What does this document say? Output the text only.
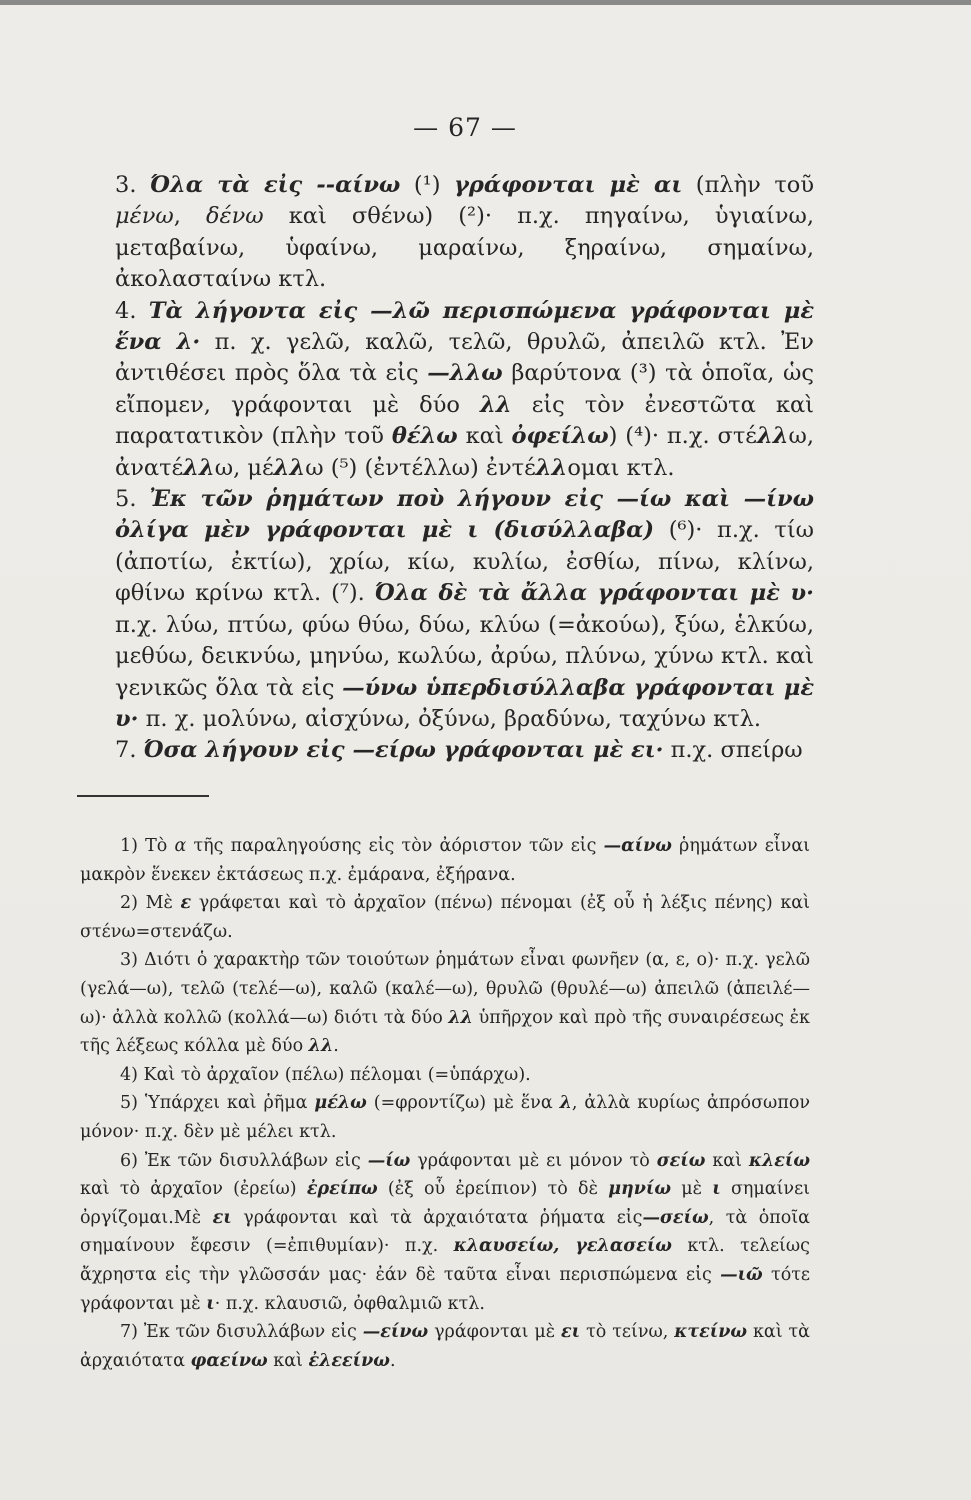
— 67 —

3. Όλα τὰ εἰς --αίνω (¹) γράφονται μὲ αι (πλὴν τοῦ μένω, δένω καὶ σθένω) (²)· π.χ. πηγαίνω, ὑγιαίνω, μεταβαίνω, ὑφαίνω, μαραίνω, ξηραίνω, σημαίνω, ἀκολασταίνω κτλ.

4. Τὰ λήγοντα εἰς —λῶ περισπώμενα γράφονται μὲ ἕνα λ· π. χ. γελῶ, καλῶ, τελῶ, θρυλῶ, ἀπειλῶ κτλ. Ἐν ἀντιθέσει πρὸς ὅλα τὰ εἰς —λλω βαρύτονα (³) τὰ ὁποῖα, ὡς εἴπομεν, γράφονται μὲ δύο λλ εἰς τὸν ἐνεστῶτα καὶ παρατατικὸν (πλὴν τοῦ θέλω καὶ ὀφείλω) (⁴)· π.χ. στέλλω, ἀνατέλλω, μέλλω (⁵) (ἐντέλλω) ἐντέλλομαι κτλ.

5. Ἐκ τῶν ῥημάτων ποὺ λήγουν εἰς —ίω καὶ —ίνω ὀλίγα μὲν γράφονται μὲ ι (δισύλλαβα) (⁶)· π.χ. τίω (ἀποτίω, ἐκτίω), χρίω, κίω, κυλίω, ἐσθίω, πίνω, κλίνω, φθίνω κρίνω κτλ. (⁷). Όλα δὲ τὰ ἄλλα γράφονται μὲ υ· π.χ. λύω, πτύω, φύω θύω, δύω, κλύω (=ἀκούω), ξύω, ἑλκύω, μεθύω, δεικνύω, μηνύω, κωλύω, ἀρύω, πλύνω, χύνω κτλ. καὶ γενικῶς ὅλα τὰ εἰς —ύνω ὑπερδισύλλαβα γράφονται μὲ υ· π. χ. μολύνω, αἰσχύνω, ὀξύνω, βραδύνω, ταχύνω κτλ.

7. Όσα λήγουν εἰς —είρω γράφονται μὲ ει· π.χ. σπείρω

1) Τὸ α τῆς παραληγούσης εἰς τὸν ἀόριστον τῶν εἰς —αίνω ῥημάτων εἶναι μακρὸν ἕνεκεν ἐκτάσεως π.χ. ἐμάρανα, ἐξήρανα.

2) Μὲ ε γράφεται καὶ τὸ ἀρχαῖον (πένω) πένομαι (ἐξ οὗ ἡ λέξις πένης) καὶ στένω=στενάζω.

3) Διότι ὁ χαρακτὴρ τῶν τοιούτων ῥημάτων εἶναι φωνῆεν (α, ε, ο)· π.χ. γελῶ (γελά—ω), τελῶ (τελέ—ω), καλῶ (καλέ—ω), θρυλῶ (θρυλέ—ω) ἀπειλῶ (ἀπειλέ—ω)· ἀλλὰ κολλῶ (κολλά—ω) διότι τὰ δύο λλ ὑπῆρχον καὶ πρὸ τῆς συναιρέσεως ἐκ τῆς λέξεως κόλλα μὲ δύο λλ.

4) Καὶ τὸ ἀρχαῖον (πέλω) πέλομαι (=ὑπάρχω).

5) Ὑπάρχει καὶ ῥῆμα μέλω (=φροντίζω) μὲ ἕνα λ, ἀλλὰ κυρίως ἀπρόσωπον μόνον· π.χ. δὲν μὲ μέλει κτλ.

6) Ἐκ τῶν δισυλλάβων εἰς —ίω γράφονται μὲ ει μόνον τὸ σείω καὶ κλείω καὶ τὸ ἀρχαῖον (ἐρείω) ἐρείπω (ἐξ οὗ ἐρείπιον) τὸ δὲ μηνίω μὲ ι σημαίνει ὀργίζομαι.Μὲ ει γράφονται καὶ τὰ ἀρχαιότατα ῥήματα εἰς—σείω, τὰ ὁποῖα σημαίνουν ἔφεσιν (=ἐπιθυμίαν)· π.χ. κλαυσείω, γελασείω κτλ. τελείως ἄχρηστα εἰς τὴν γλῶσσάν μας· ἐάν δὲ ταῦτα εἶναι περισπώμενα εἰς —ιῶ τότε γράφονται μὲ ι· π.χ. κλαυσιῶ, ὀφθαλμιῶ κτλ.

7) Ἐκ τῶν δισυλλάβων εἰς —είνω γράφονται μὲ ει τὸ τείνω, κτείνω καὶ τὰ ἀρχαιότατα φαείνω καὶ ἐλεείνω.
